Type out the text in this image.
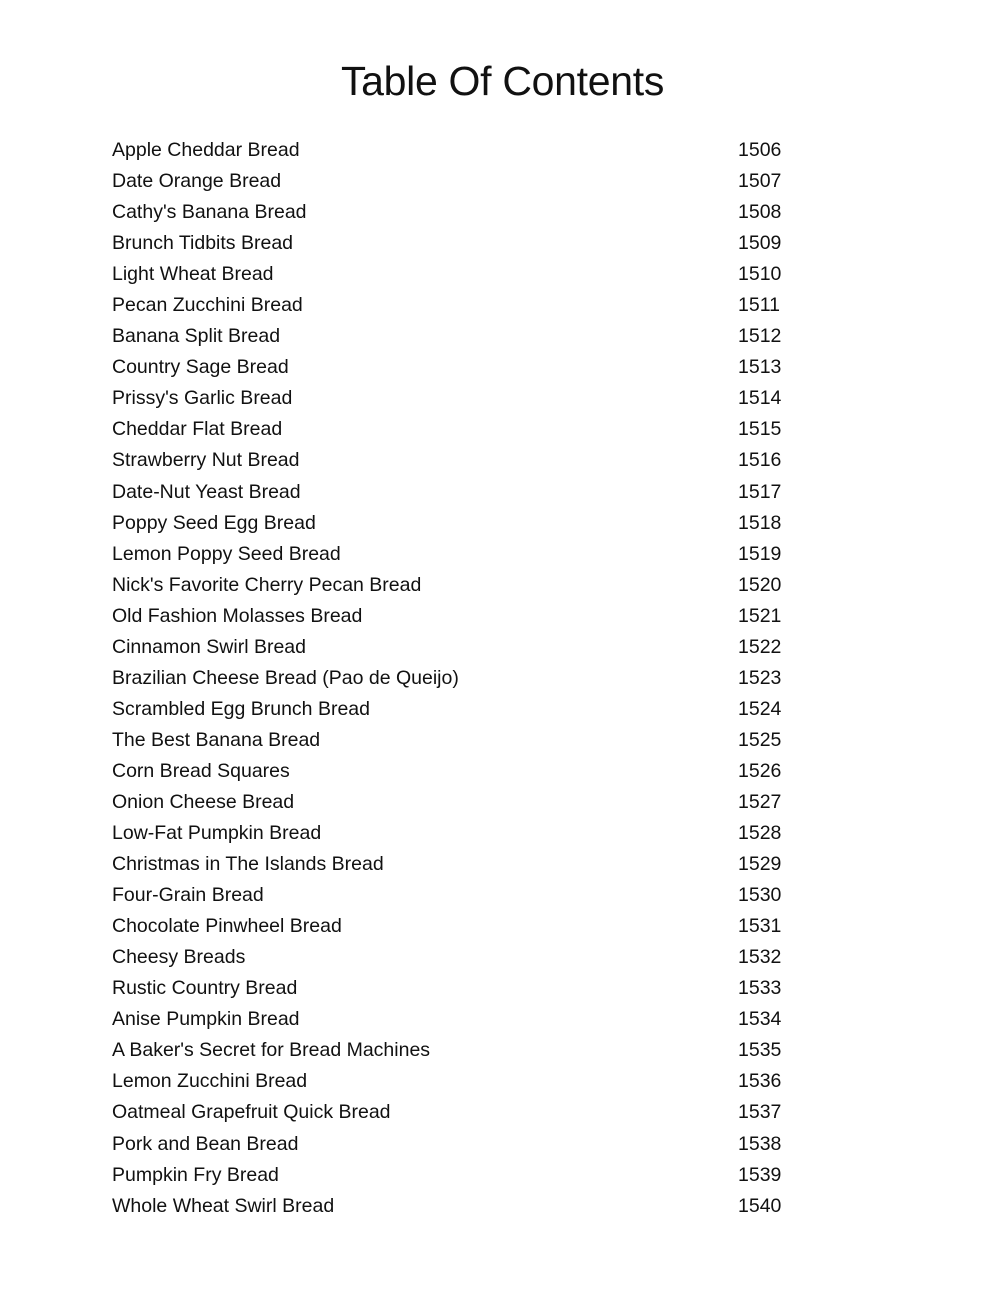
Table Of Contents
Apple Cheddar Bread	1506
Date Orange Bread	1507
Cathy's Banana Bread	1508
Brunch Tidbits Bread	1509
Light Wheat Bread	1510
Pecan Zucchini Bread	1511
Banana Split Bread	1512
Country Sage Bread	1513
Prissy's Garlic Bread	1514
Cheddar Flat Bread	1515
Strawberry Nut Bread	1516
Date-Nut Yeast Bread	1517
Poppy Seed Egg Bread	1518
Lemon Poppy Seed Bread	1519
Nick's Favorite Cherry Pecan Bread	1520
Old Fashion Molasses Bread	1521
Cinnamon Swirl Bread	1522
Brazilian Cheese Bread (Pao de Queijo)	1523
Scrambled Egg Brunch Bread	1524
The Best Banana Bread	1525
Corn Bread Squares	1526
Onion Cheese Bread	1527
Low-Fat Pumpkin Bread	1528
Christmas in The Islands Bread	1529
Four-Grain Bread	1530
Chocolate Pinwheel Bread	1531
Cheesy Breads	1532
Rustic Country Bread	1533
Anise Pumpkin Bread	1534
A Baker's Secret for Bread Machines	1535
Lemon Zucchini Bread	1536
Oatmeal Grapefruit Quick Bread	1537
Pork and Bean Bread	1538
Pumpkin Fry Bread	1539
Whole Wheat Swirl Bread	1540
